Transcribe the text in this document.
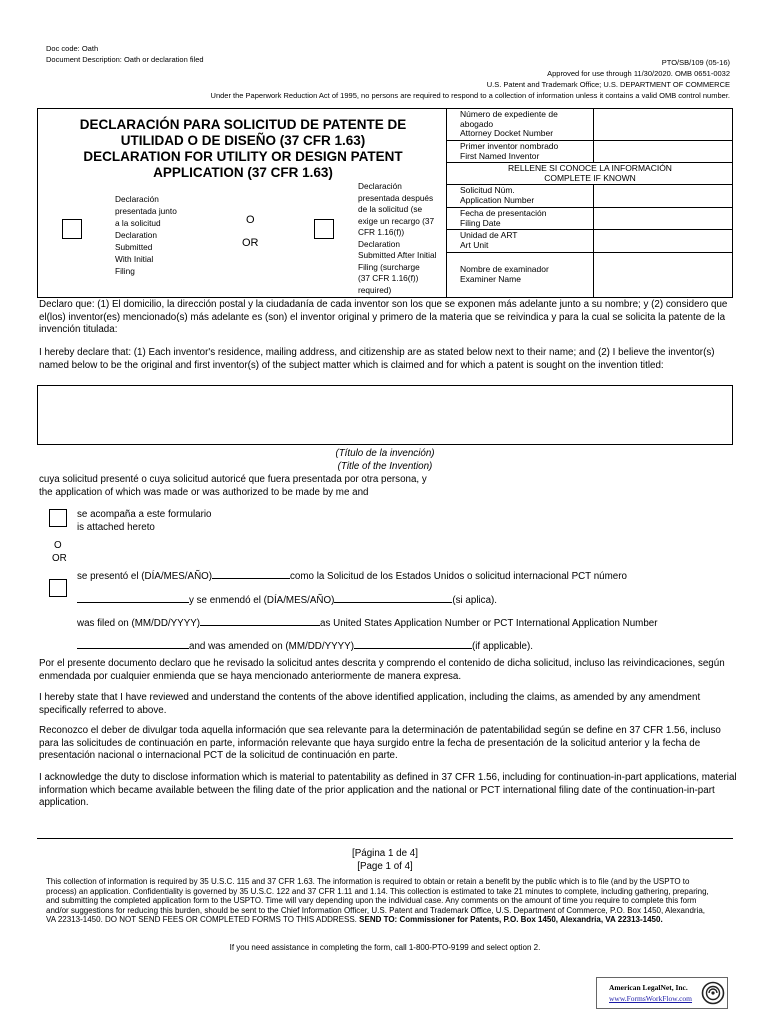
Doc code: Oath
Document Description: Oath or declaration filed	PTO/SB/109 (05-16)
Approved for use through 11/30/2020. OMB 0651-0032
U.S. Patent and Trademark Office; U.S. DEPARTMENT OF COMMERCE
Under the Paperwork Reduction Act of 1995, no persons are required to respond to a collection of information unless it contains a valid OMB control number.
DECLARACIÓN PARA SOLICITUD DE PATENTE DE
UTILIDAD O DE DISEÑO (37 CFR 1.63)
DECLARATION FOR UTILITY OR DESIGN PATENT
APPLICATION (37 CFR 1.63)
Declaración
presentada junto
a la solicitud
Declaration
Submitted
With Initial
Filing
O
OR
Declaración
presentada después
de la solicitud (se
exige un recargo (37
CFR 1.16(f))
Declaration
Submitted After Initial
Filing (surcharge
(37 CFR 1.16(f))
required)
Número de expediente de
abogado
Attorney Docket Number
Primer inventor nombrado
First Named Inventor
RELLENE SI CONOCE LA INFORMACIÓN
COMPLETE IF KNOWN
Solicitud Núm.
Application Number
Fecha de presentación
Filing Date
Unidad de ART
Art Unit
Nombre de examinador
Examiner Name
Declaro que: (1) El domicilio, la dirección postal y la ciudadanía de cada inventor son los que se exponen más adelante junto a su nombre; y (2) considero que el(los) inventor(es) mencionado(s) más adelante es (son) el inventor original y primero de la materia que se reivindica y para la cual se solicita la patente de la invención titulada:
I hereby declare that: (1) Each inventor's residence, mailing address, and citizenship are as stated below next to their name; and (2) I believe the inventor(s) named below to be the original and first inventor(s) of the subject matter which is claimed and for which a patent is sought on the invention titled:
(Título de la invención)
(Title of the Invention)
cuya solicitud presenté o cuya solicitud autoricé que fuera presentada por otra persona, y
the application of which was made or was authorized to be made by me and
se acompaña a este formulario
is attached hereto
O
OR
se presentó el (DÍA/MES/AÑO)	como la Solicitud de los Estados Unidos o solicitud internacional PCT número
y se enmendó el (DÍA/MES/AÑO)	(si aplica).
was filed on (MM/DD/YYYY)	as United States Application Number or PCT International Application Number
and was amended on (MM/DD/YYYY)	(if applicable).
Por el presente documento declaro que he revisado la solicitud antes descrita y comprendo el contenido de dicha solicitud, incluso las reivindicaciones, según enmendada por cualquier enmienda que se haya mencionado anteriormente de manera expresa.
I hereby state that I have reviewed and understand the contents of the above identified application, including the claims, as amended by any amendment specifically referred to above.
Reconozco el deber de divulgar toda aquella información que sea relevante para la determinación de patentabilidad según se define en 37 CFR 1.56, incluso para las solicitudes de continuación en parte, información relevante que haya surgido entre la fecha de presentación de la solicitud anterior y la fecha de presentación nacional o internacional PCT de la solicitud de continuación en parte.
I acknowledge the duty to disclose information which is material to patentability as defined in 37 CFR 1.56, including for continuation-in-part applications, material information which became available between the filing date of the prior application and the national or PCT international filing date of the continuation-in-part application.
[Página 1 de 4]
[Page 1 of 4]
This collection of information is required by 35 U.S.C. 115 and 37 CFR 1.63. The information is required to obtain or retain a benefit by the public which is to file (and by the USPTO to process) an application. Confidentiality is governed by 35 U.S.C. 122 and 37 CFR 1.11 and 1.14. This collection is estimated to take 21 minutes to complete, including gathering, preparing, and submitting the completed application form to the USPTO. Time will vary depending upon the individual case. Any comments on the amount of time you require to complete this form and/or suggestions for reducing this burden, should be sent to the Chief Information Officer, U.S. Patent and Trademark Office, U.S. Department of Commerce, P.O. Box 1450, Alexandria, VA 22313-1450. DO NOT SEND FEES OR COMPLETED FORMS TO THIS ADDRESS. SEND TO: Commissioner for Patents, P.O. Box 1450, Alexandria, VA 22313-1450.
If you need assistance in completing the form, call 1-800-PTO-9199 and select option 2.
American LegalNet, Inc.
www.FormsWorkFlow.com
